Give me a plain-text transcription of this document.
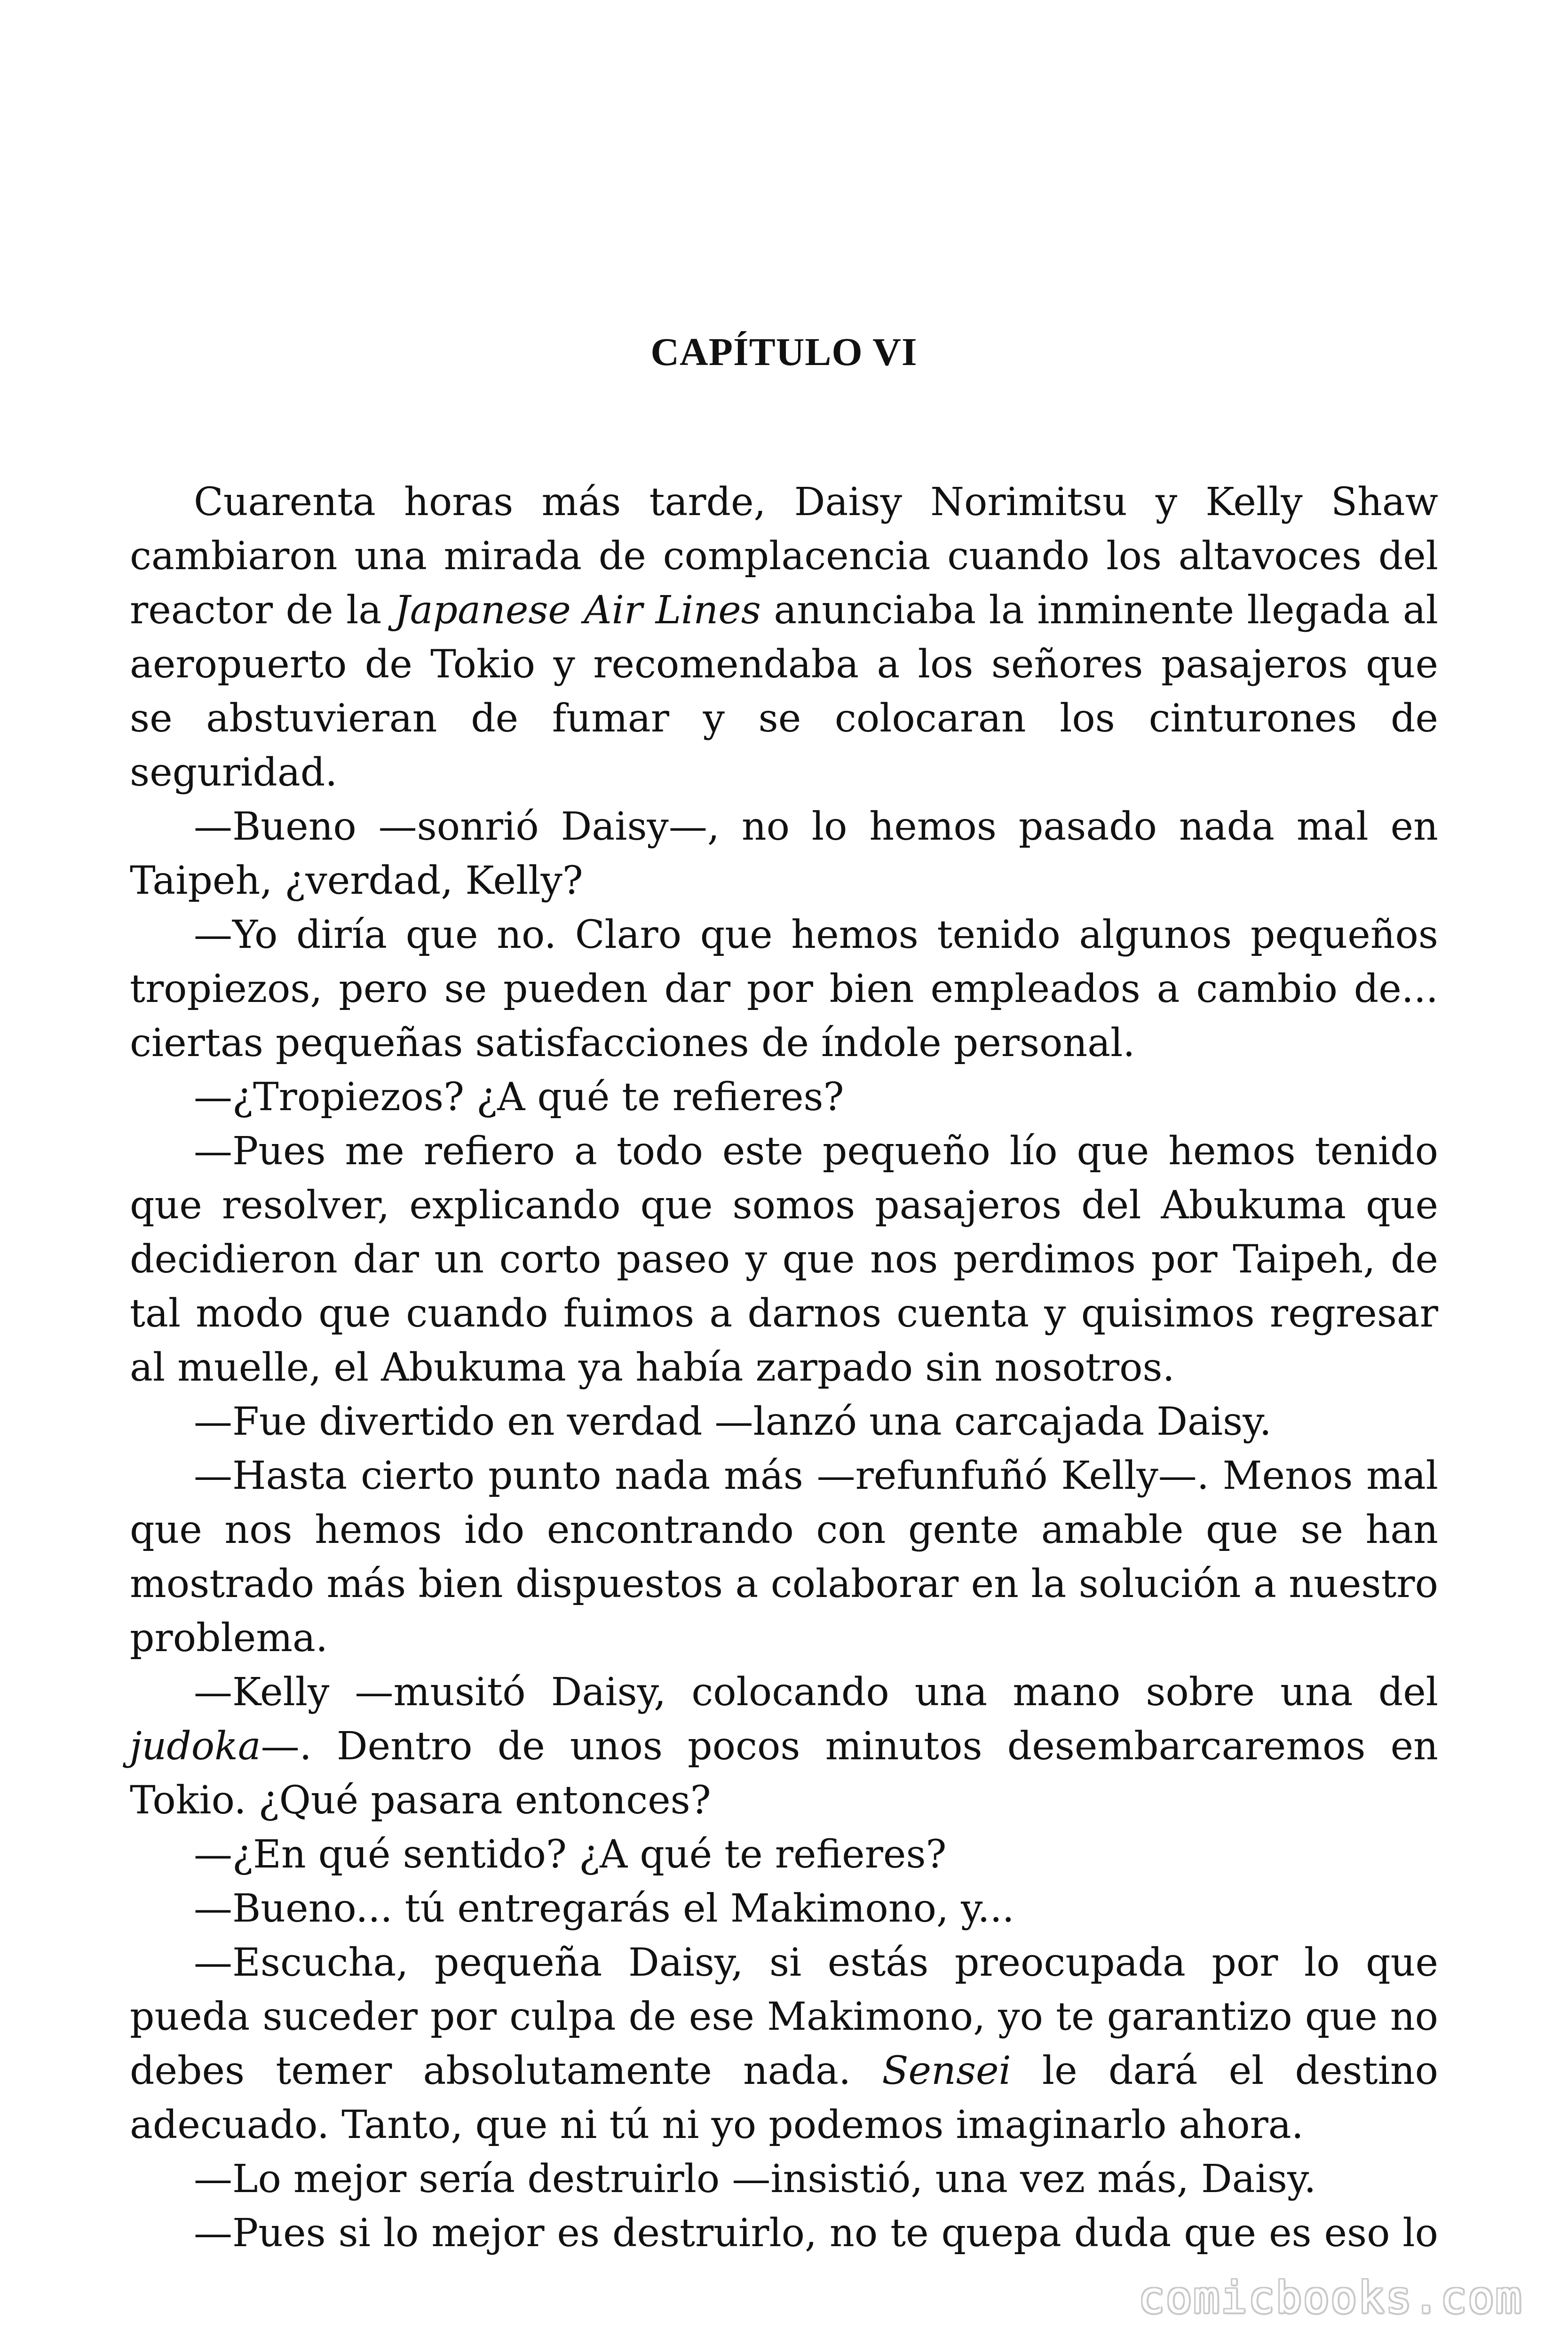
CAPÍTULO VI

Cuarenta horas más tarde, Daisy Norimitsu y Kelly Shaw cambiaron una mirada de complacencia cuando los altavoces del reactor de la Japanese Air Lines anunciaba la inminente llegada al aeropuerto de Tokio y recomendaba a los señores pasajeros que se abstuvieran de fumar y se colocaran los cinturones de seguridad.

—Bueno —sonrió Daisy—, no lo hemos pasado nada mal en Taipeh, ¿verdad, Kelly?

—Yo diría que no. Claro que hemos tenido algunos pequeños tropiezos, pero se pueden dar por bien empleados a cambio de... ciertas pequeñas satisfacciones de índole personal.

—¿Tropiezos? ¿A qué te refieres?

—Pues me refiero a todo este pequeño lío que hemos tenido que resolver, explicando que somos pasajeros del Abukuma que decidieron dar un corto paseo y que nos perdimos por Taipeh, de tal modo que cuando fuimos a darnos cuenta y quisimos regresar al muelle, el Abukuma ya había zarpado sin nosotros.

—Fue divertido en verdad —lanzó una carcajada Daisy.

—Hasta cierto punto nada más —refunfuñó Kelly—. Menos mal que nos hemos ido encontrando con gente amable que se han mostrado más bien dispuestos a colaborar en la solución a nuestro problema.

—Kelly —musitó Daisy, colocando una mano sobre una del judoka—. Dentro de unos pocos minutos desembarcaremos en Tokio. ¿Qué pasara entonces?

—¿En qué sentido? ¿A qué te refieres?

—Bueno... tú entregarás el Makimono, y...

—Escucha, pequeña Daisy, si estás preocupada por lo que pueda suceder por culpa de ese Makimono, yo te garantizo que no debes temer absolutamente nada. Sensei le dará el destino adecuado. Tanto, que ni tú ni yo podemos imaginarlo ahora.

—Lo mejor sería destruirlo —insistió, una vez más, Daisy.

—Pues si lo mejor es destruirlo, no te quepa duda que es eso lo

comicbooks.com
